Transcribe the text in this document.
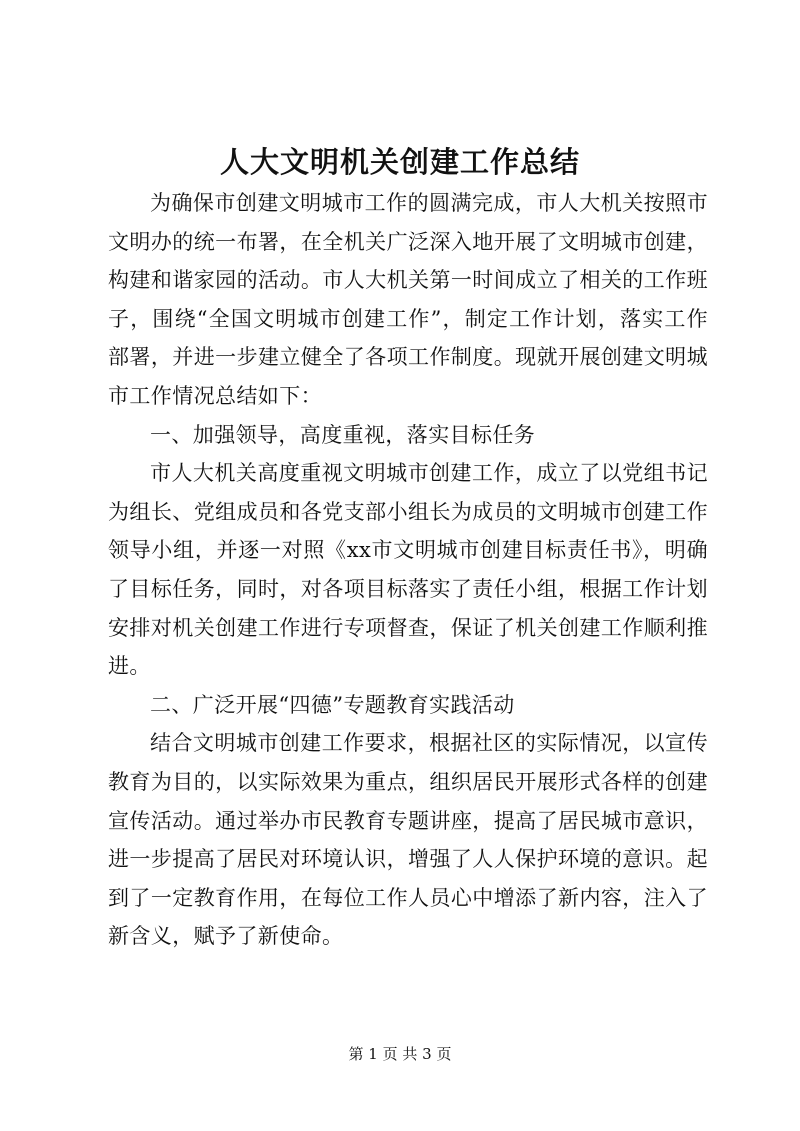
人大文明机关创建工作总结

为确保市创建文明城市工作的圆满完成，市人大机关按照市文明办的统一布署，在全机关广泛深入地开展了文明城市创建，构建和谐家园的活动。市人大机关第一时间成立了相关的工作班子，围绕“全国文明城市创建工作”，制定工作计划，落实工作部署，并进一步建立健全了各项工作制度。现就开展创建文明城市工作情况总结如下：

一、加强领导，高度重视，落实目标任务

市人大机关高度重视文明城市创建工作，成立了以党组书记为组长、党组成员和各党支部小组长为成员的文明城市创建工作领导小组，并逐一对照《xx市文明城市创建目标责任书》，明确了目标任务，同时，对各项目标落实了责任小组，根据工作计划安排对机关创建工作进行专项督查，保证了机关创建工作顺利推进。

二、广泛开展“四德”专题教育实践活动

结合文明城市创建工作要求，根据社区的实际情况，以宣传教育为目的，以实际效果为重点，组织居民开展形式各样的创建宣传活动。通过举办市民教育专题讲座，提高了居民城市意识，进一步提高了居民对环境认识，增强了人人保护环境的意识。起到了一定教育作用，在每位工作人员心中增添了新内容，注入了新含义，赋予了新使命。

第 1 页 共 3 页
